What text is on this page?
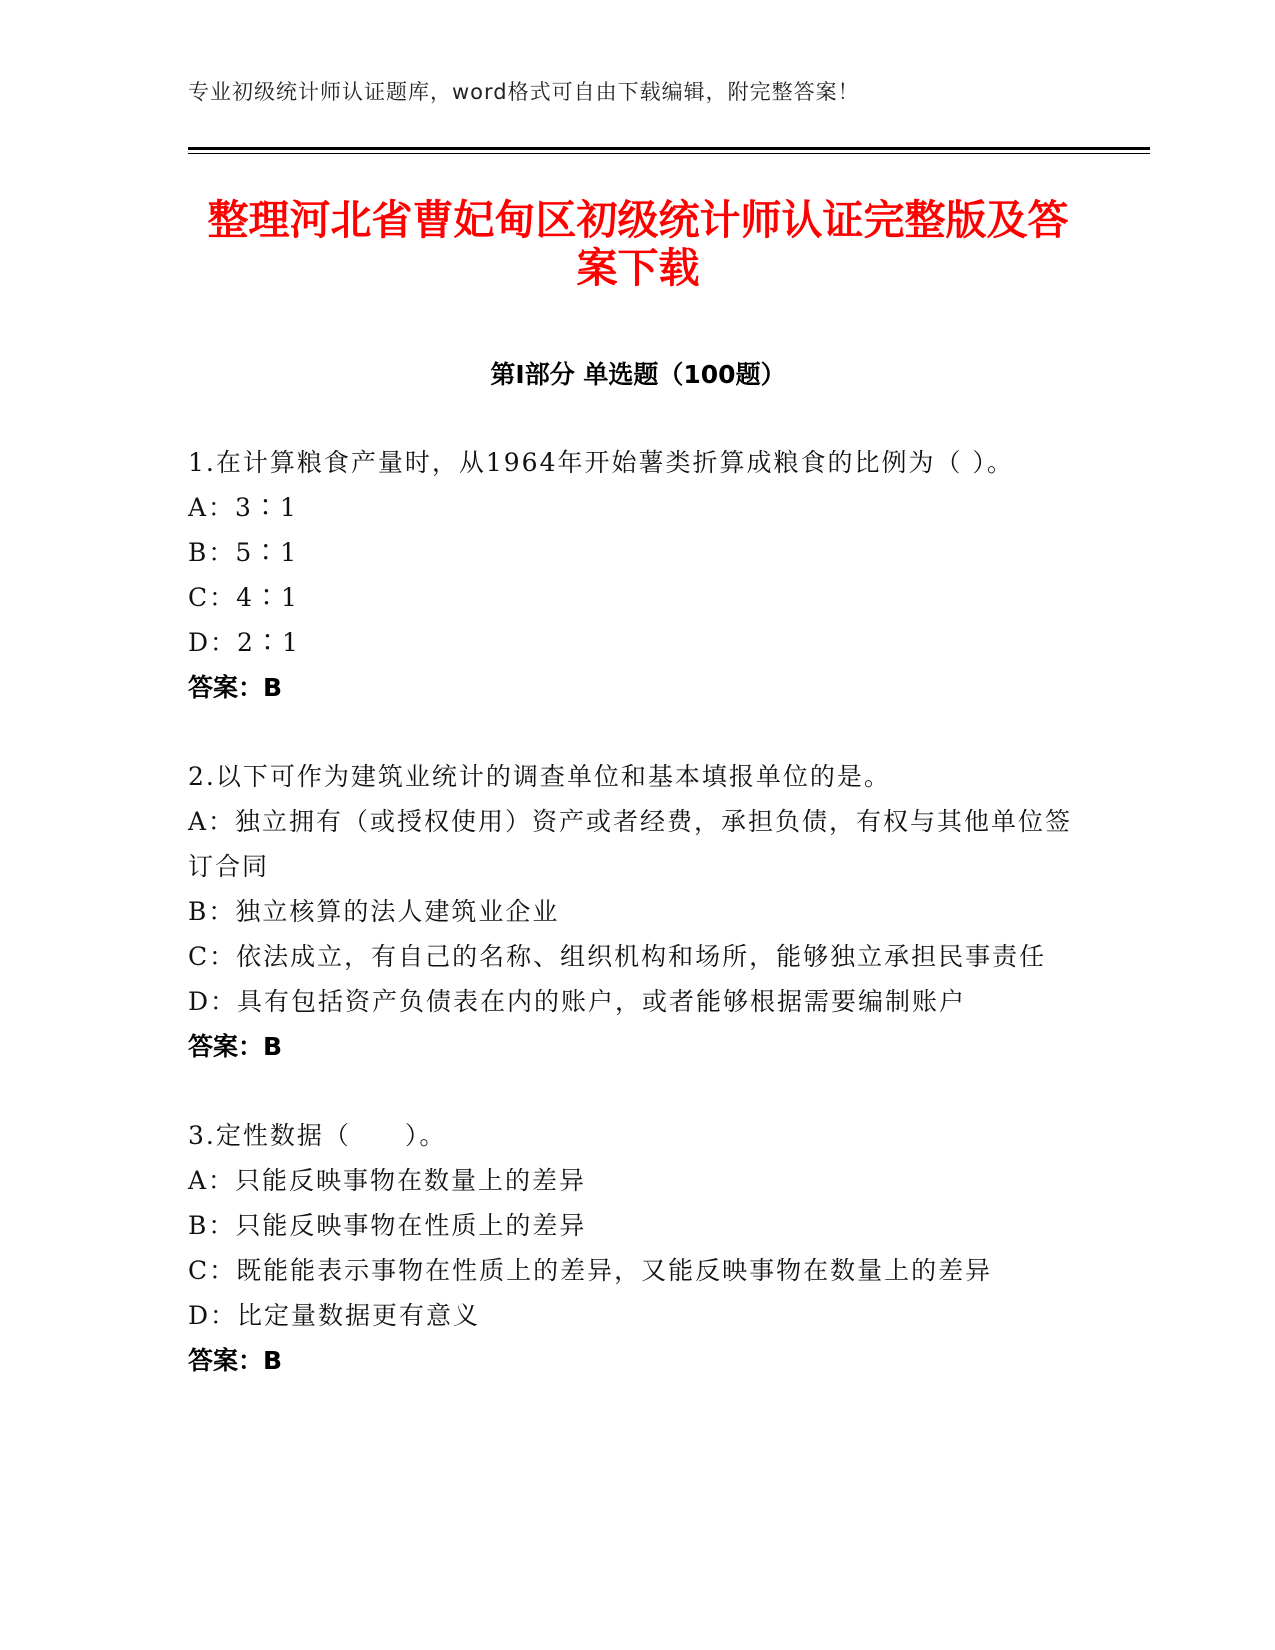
专业初级统计师认证题库，word格式可自由下载编辑，附完整答案！
整理河北省曹妃甸区初级统计师认证完整版及答案下载
第I部分 单选题（100题）
1.在计算粮食产量时，从1964年开始薯类折算成粮食的比例为（ ）。
A：3∶1
B：5∶1
C：4∶1
D：2∶1
答案：B
2.以下可作为建筑业统计的调查单位和基本填报单位的是。
A：独立拥有（或授权使用）资产或者经费，承担负债，有权与其他单位签订合同
B：独立核算的法人建筑业企业
C：依法成立，有自己的名称、组织机构和场所，能够独立承担民事责任
D：具有包括资产负债表在内的账户，或者能够根据需要编制账户
答案：B
3.定性数据（　　）。
A：只能反映事物在数量上的差异
B：只能反映事物在性质上的差异
C：既能能表示事物在性质上的差异，又能反映事物在数量上的差异
D：比定量数据更有意义
答案：B
